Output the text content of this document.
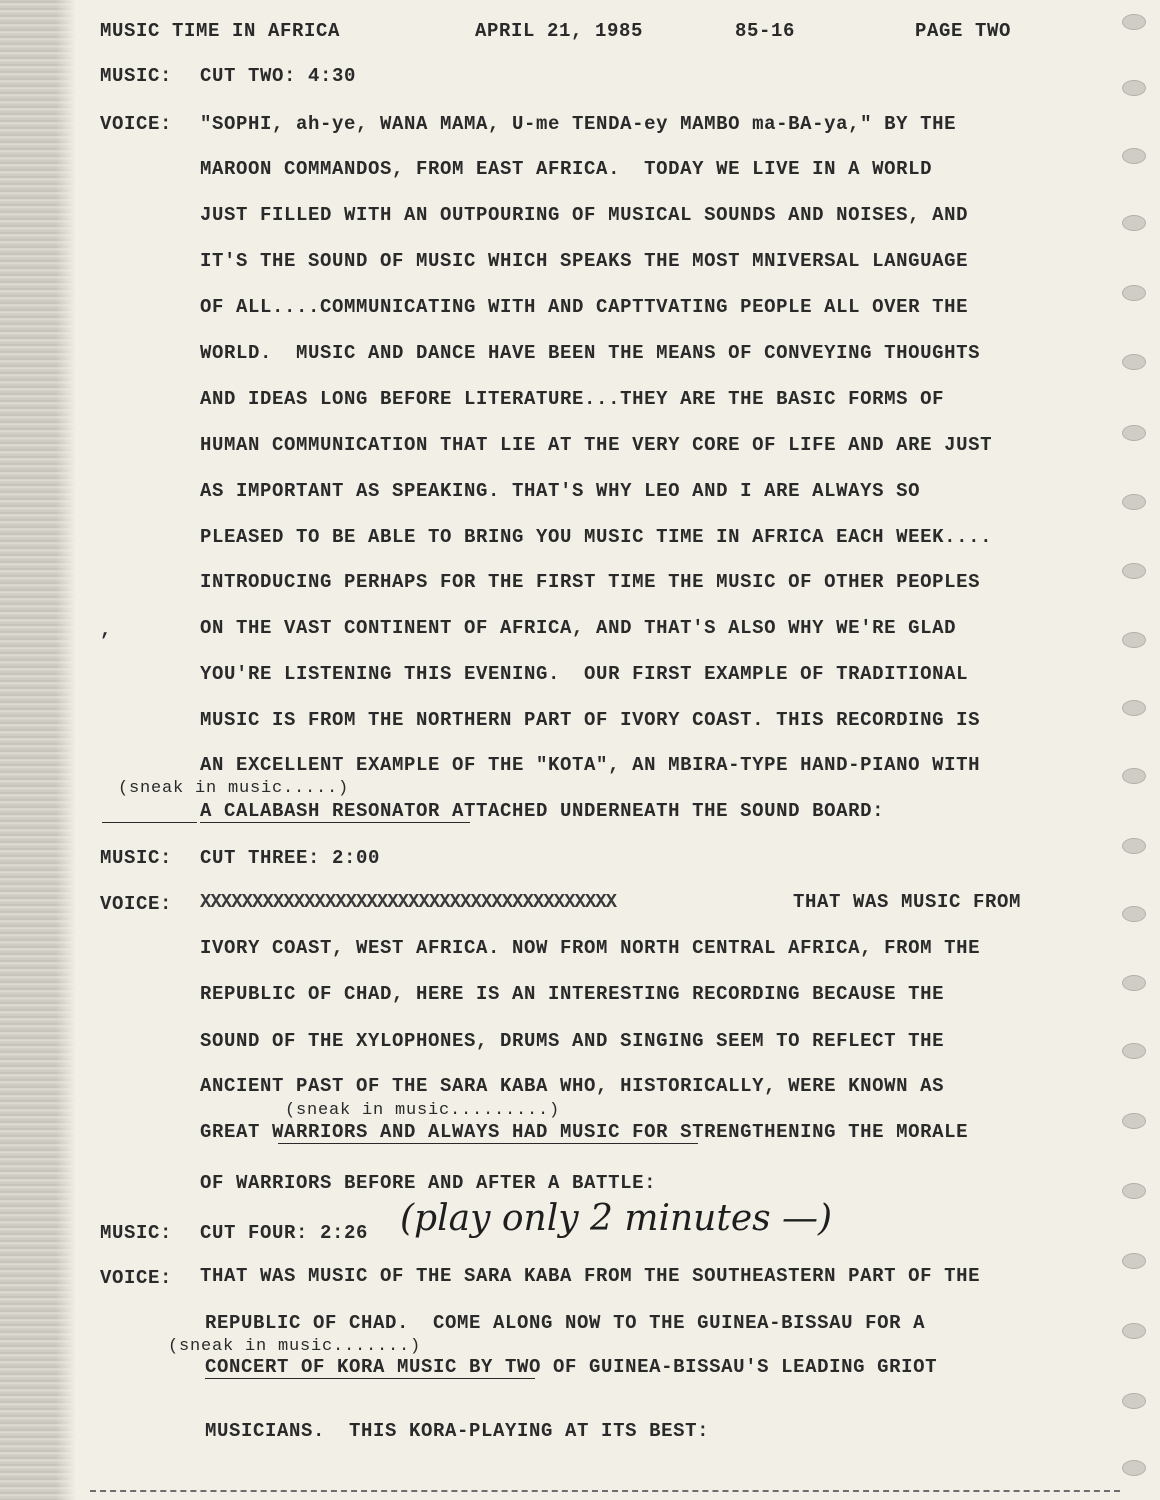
MUSIC TIME IN AFRICA	APRIL 21, 1985	85-16	PAGE TWO
MUSIC: CUT TWO: 4:30
VOICE: "SOPHI, ah-ye, WANA MAMA, U-me TENDA-ey MAMBO ma-BA-ya," BY THE
MAROON COMMANDOS, FROM EAST AFRICA.  TODAY WE LIVE IN A WORLD
JUST FILLED WITH AN OUTPOURING OF MUSICAL SOUNDS AND NOISES, AND
IT'S THE SOUND OF MUSIC WHICH SPEAKS THE MOST MNIVERSAL LANGUAGE
OF ALL....COMMUNICATING WITH AND CAPTTVATING PEOPLE ALL OVER THE
WORLD.  MUSIC AND DANCE HAVE BEEN THE MEANS OF CONVEYING THOUGHTS
AND IDEAS LONG BEFORE LITERATURE...THEY ARE THE BASIC FORMS OF
HUMAN COMMUNICATION THAT LIE AT THE VERY CORE OF LIFE AND ARE JUST
AS IMPORTANT AS SPEAKING. THAT'S WHY LEO AND I ARE ALWAYS SO
PLEASED TO BE ABLE TO BRING YOU MUSIC TIME IN AFRICA EACH WEEK....
INTRODUCING PERHAPS FOR THE FIRST TIME THE MUSIC OF OTHER PEOPLES
,	ON THE VAST CONTINENT OF AFRICA, AND THAT'S ALSO WHY WE'RE GLAD
YOU'RE LISTENING THIS EVENING.  OUR FIRST EXAMPLE OF TRADITIONAL
MUSIC IS FROM THE NORTHERN PART OF IVORY COAST. THIS RECORDING IS
AN EXCELLENT EXAMPLE OF THE "KOTA", AN MBIRA-TYPE HAND-PIANO WITH
(sneak in music.....)
A CALABASH RESONATOR ATTACHED UNDERNEATH THE SOUND BOARD:
MUSIC: CUT THREE: 2:00
VOICE: XXXXXXXXXXXXXXXXXXXXXXXXXXXXXXXXXXXXXXXX	THAT WAS MUSIC FROM
IVORY COAST, WEST AFRICA. NOW FROM NORTH CENTRAL AFRICA, FROM THE
REPUBLIC OF CHAD, HERE IS AN INTERESTING RECORDING BECAUSE THE
SOUND OF THE XYLOPHONES, DRUMS AND SINGING SEEM TO REFLECT THE
ANCIENT PAST OF THE SARA KABA WHO, HISTORICALLY, WERE KNOWN AS
(sneak in music.........)
GREAT WARRIORS AND ALWAYS HAD MUSIC FOR STRENGTHENING THE MORALE
OF WARRIORS BEFORE AND AFTER A BATTLE:
MUSIC: CUT FOUR: 2:26 (play only 2 minutes —)
VOICE: THAT WAS MUSIC OF THE SARA KABA FROM THE SOUTHEASTERN PART OF THE
REPUBLIC OF CHAD.  COME ALONG NOW TO THE GUINEA-BISSAU FOR A
(sneak in music.......)
CONCERT OF KORA MUSIC BY TWO OF GUINEA-BISSAU'S LEADING GRIOT
MUSICIANS.  THIS KORA-PLAYING AT ITS BEST:
